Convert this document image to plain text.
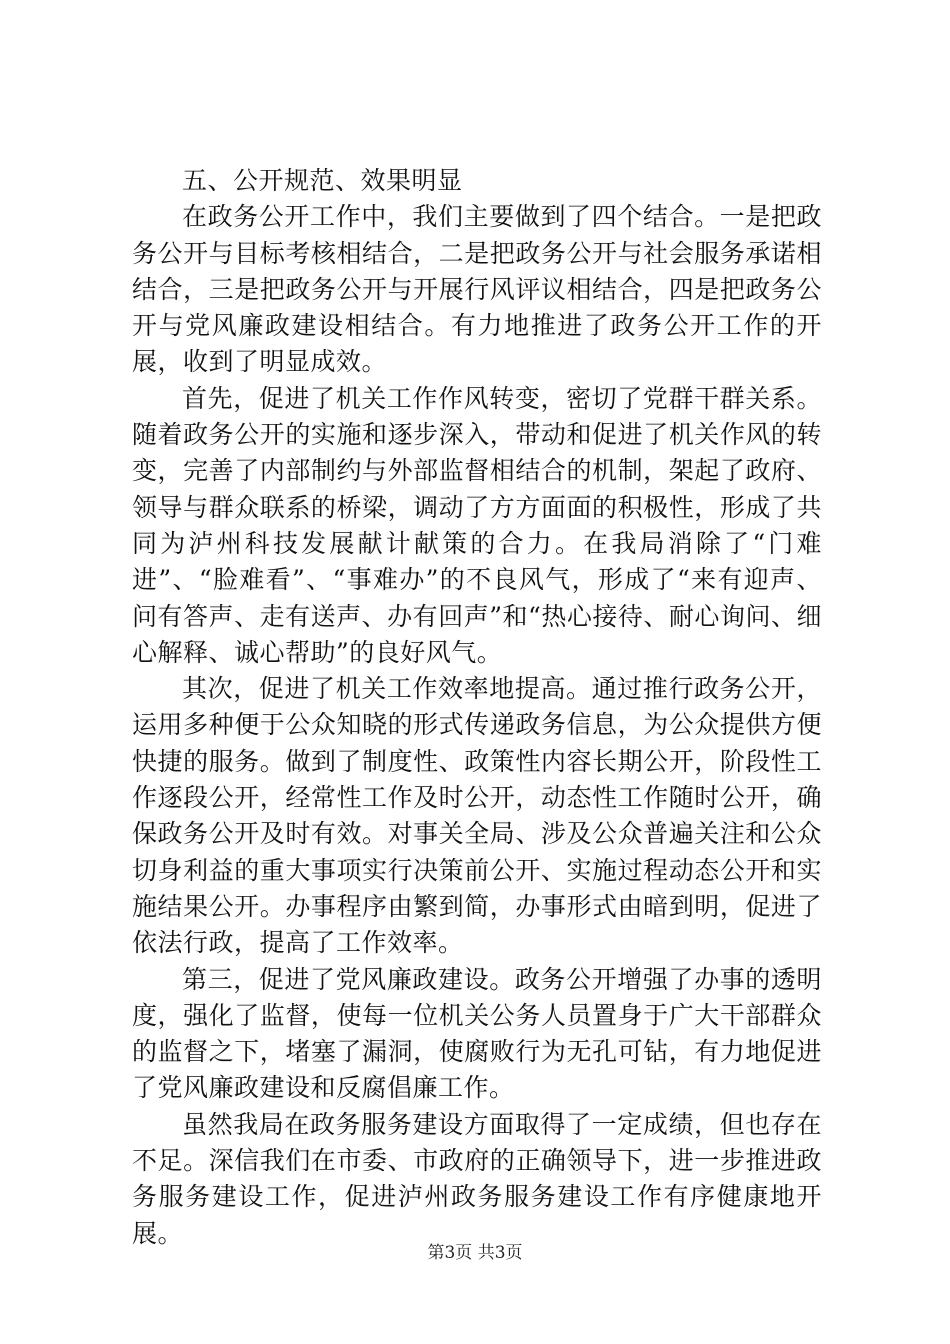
五、公开规范、效果明显

在政务公开工作中，我们主要做到了四个结合。一是把政务公开与目标考核相结合，二是把政务公开与社会服务承诺相结合，三是把政务公开与开展行风评议相结合，四是把政务公开与党风廉政建设相结合。有力地推进了政务公开工作的开展，收到了明显成效。

首先，促进了机关工作作风转变，密切了党群干群关系。随着政务公开的实施和逐步深入，带动和促进了机关作风的转变，完善了内部制约与外部监督相结合的机制，架起了政府、领导与群众联系的桥梁，调动了方方面面的积极性，形成了共同为泸州科技发展献计献策的合力。在我局消除了“门难进”、“脸难看”、“事难办”的不良风气，形成了“来有迎声、问有答声、走有送声、办有回声”和“热心接待、耐心询问、细心解释、诚心帮助”的良好风气。

其次，促进了机关工作效率地提高。通过推行政务公开，运用多种便于公众知晓的形式传递政务信息，为公众提供方便快捷的服务。做到了制度性、政策性内容长期公开，阶段性工作逐段公开，经常性工作及时公开，动态性工作随时公开，确保政务公开及时有效。对事关全局、涉及公众普遍关注和公众切身利益的重大事项实行决策前公开、实施过程动态公开和实施结果公开。办事程序由繁到简，办事形式由暗到明，促进了依法行政，提高了工作效率。

第三，促进了党风廉政建设。政务公开增强了办事的透明度，强化了监督，使每一位机关公务人员置身于广大干部群众的监督之下，堵塞了漏洞，使腐败行为无孔可钻，有力地促进了党风廉政建设和反腐倡廉工作。

虽然我局在政务服务建设方面取得了一定成绩，但也存在不足。深信我们在市委、市政府的正确领导下，进一步推进政务服务建设工作，促进泸州政务服务建设工作有序健康地开展。

第3页 共3页
